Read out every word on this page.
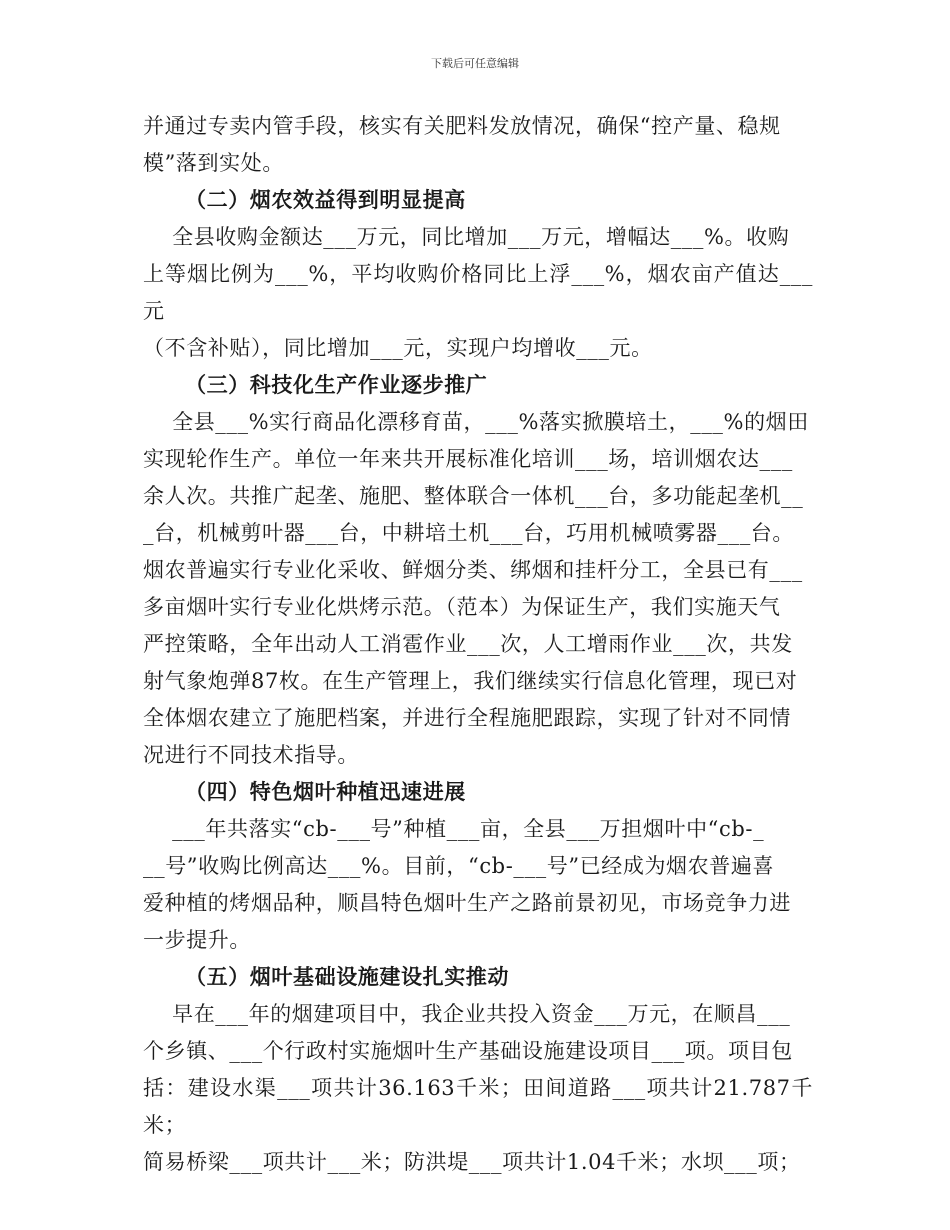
下载后可任意编辑
并通过专卖内管手段，核实有关肥料发放情况，确保“控产量、稳规
模”落到实处。
（二）烟农效益得到明显提高
全县收购金额达___万元，同比增加___万元，增幅达___%。收购
上等烟比例为___%，平均收购价格同比上浮___%，烟农亩产值达___元
（不含补贴），同比增加___元，实现户均增收___元。
（三）科技化生产作业逐步推广
全县___%实行商品化漂移育苗，___%落实掀膜培土，___%的烟田
实现轮作生产。单位一年来共开展标准化培训___场，培训烟农达___
余人次。共推广起垄、施肥、整体联合一体机___台，多功能起垄机__
_台，机械剪叶器___台，中耕培土机___台，巧用机械喷雾器___台。
烟农普遍实行专业化采收、鲜烟分类、绑烟和挂杆分工，全县已有___
多亩烟叶实行专业化烘烤示范。（范本）为保证生产，我们实施天气
严控策略，全年出动人工消雹作业___次，人工增雨作业___次，共发
射气象炮弹87枚。在生产管理上，我们继续实行信息化管理，现已对
全体烟农建立了施肥档案，并进行全程施肥跟踪，实现了针对不同情
况进行不同技术指导。
（四）特色烟叶种植迅速进展
___年共落实“cb-___号”种植___亩，全县___万担烟叶中“cb-_
__号”收购比例高达___%。目前，“cb-___号”已经成为烟农普遍喜
爱种植的烤烟品种，顺昌特色烟叶生产之路前景初见，市场竞争力进
一步提升。
（五）烟叶基础设施建设扎实推动
早在___年的烟建项目中，我企业共投入资金___万元，在顺昌___
个乡镇、___个行政村实施烟叶生产基础设施建设项目___项。项目包
括：建设水渠___项共计36.163千米；田间道路___项共计21.787千米；
简易桥梁___项共计___米；防洪堤___项共计1.04千米；水坝___项；
